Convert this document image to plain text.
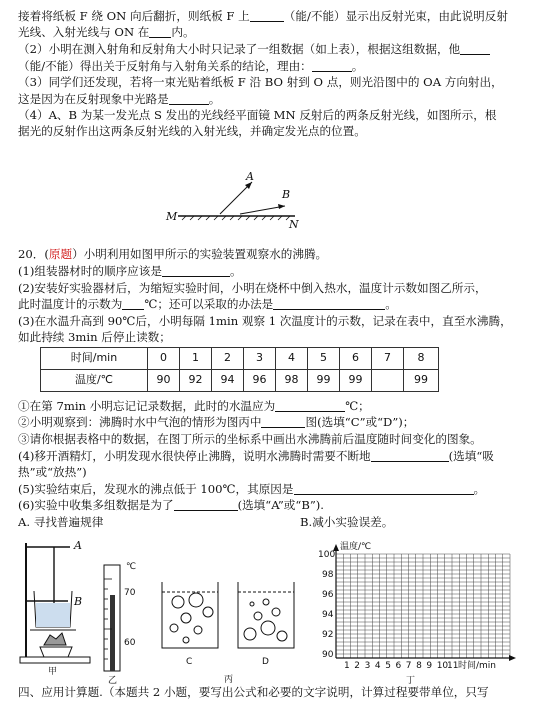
接着将纸板 F 绕 ON 向后翻折，则纸板 F 上	（能/不能）显示出反射光束，由此说明反射
光线、入射光线与 ON 在 内。
（2）小明在测入射角和反射角大小时只记录了一组数据（如上表），根据这组数据，他
（能/不能）得出关于反射角与入射角关系的结论，理由：	。
（3）同学们还发现，若将一束光贴着纸板 F 沿 BO 射到 O 点，则光沿图中的 OA 方向射出，
这是因为在反射现象中光路是	。
（4）A、B 为某一发光点 S 发出的光线经平面镜 MN 反射后的两条反射光线，如图所示，根
据光的反射作出这两条反射光线的入射光线，并确定发光点的位置。
A
B
M
N
20．(原题）小明利用如图甲所示的实验装置观察水的沸腾。
(1)组装器材时的顺序应该是	。
(2)安装好实验器材后，为缩短实验时间，小明在烧杯中倒入热水，温度计示数如图乙所示，
此时温度计的示数为 ℃；还可以采取的办法是	。
(3)在水温升高到 90℃后，小明每隔 1min 观察 1 次温度计的示数，记录在表中，直至水沸腾，
如此持续 3min 后停止读数；
时间/min	0	1	2	3	4	5	6	7	8
温度/℃	90	92	94	96	98	99	99		99
①在第 7min 小明忘记记录数据，此时的水温应为	℃；
②小明观察到：沸腾时水中气泡的情形为图丙中	图(选填“C”或“D”)；
③请你根据表格中的数据，在图丁所示的坐标系中画出水沸腾前后温度随时间变化的图象。
(4)移开酒精灯，小明发现水很快停止沸腾，说明水沸腾时需要不断地	(选填“吸
热”或“放热”)
(5)实验结束后，发现水的沸点低于 100℃，其原因是	。
(6)实验中收集多组数据是为了	(选填“A”或“B”).
A. 寻找普遍规律	B.减小实验误差。
A
B
甲
℃
70
60
乙
C	D
丙
温度/℃
时间/min
100
98
96
94
92
90
1 2 3 4 5 6 7 8 9 10
11
丁
四、应用计算题.（本题共 2 小题，要写出公式和必要的文字说明，计算过程要带单位，只写
